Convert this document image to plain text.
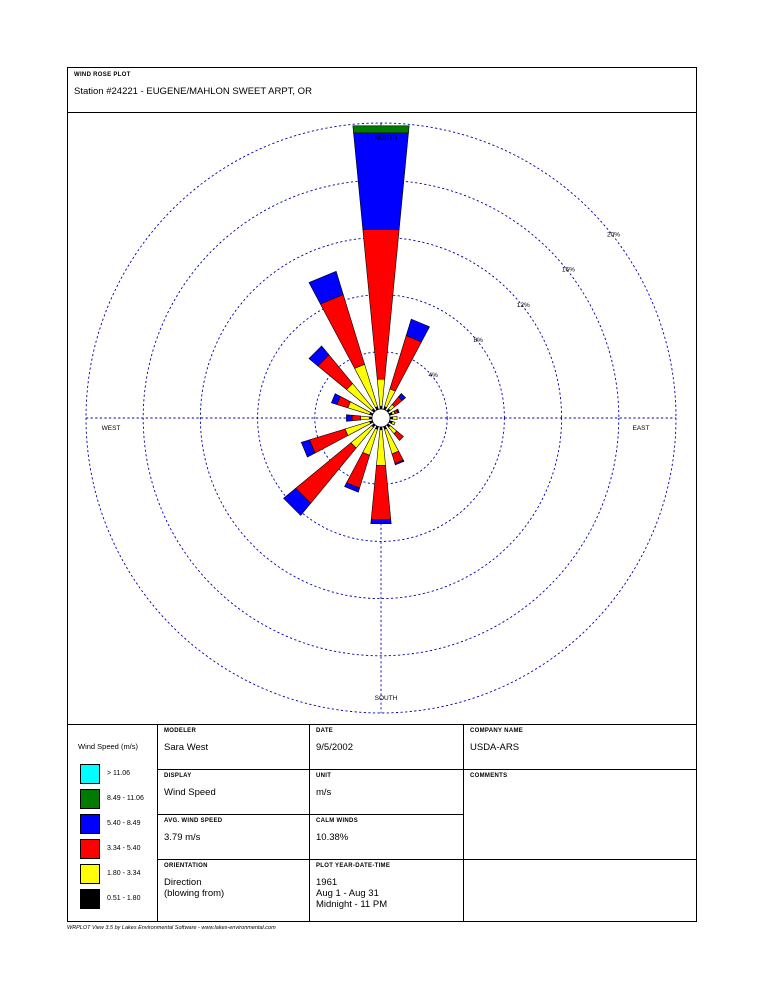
WIND ROSE PLOT
Station #24221 - EUGENE/MAHLON SWEET ARPT, OR
NORTH
SOUTH
EAST
WEST
4%
8%
12%
16%
20%
Wind Speed (m/s)
> 11.06
8.49 - 11.06
5.40 - 8.49
3.34 - 5.40
1.80 - 3.34
0.51 - 1.80
MODELER
Sara West
DISPLAY
Wind Speed
AVG. WIND SPEED
3.79 m/s
ORIENTATION
Direction
(blowing from)
DATE
9/5/2002
UNIT
m/s
CALM WINDS
10.38%
PLOT YEAR-DATE-TIME
1961
Aug 1 - Aug 31
Midnight - 11 PM
COMPANY NAME
USDA-ARS
COMMENTS
WRPLOT View 3.5 by Lakes Environmental Software - www.lakes-environmental.com
